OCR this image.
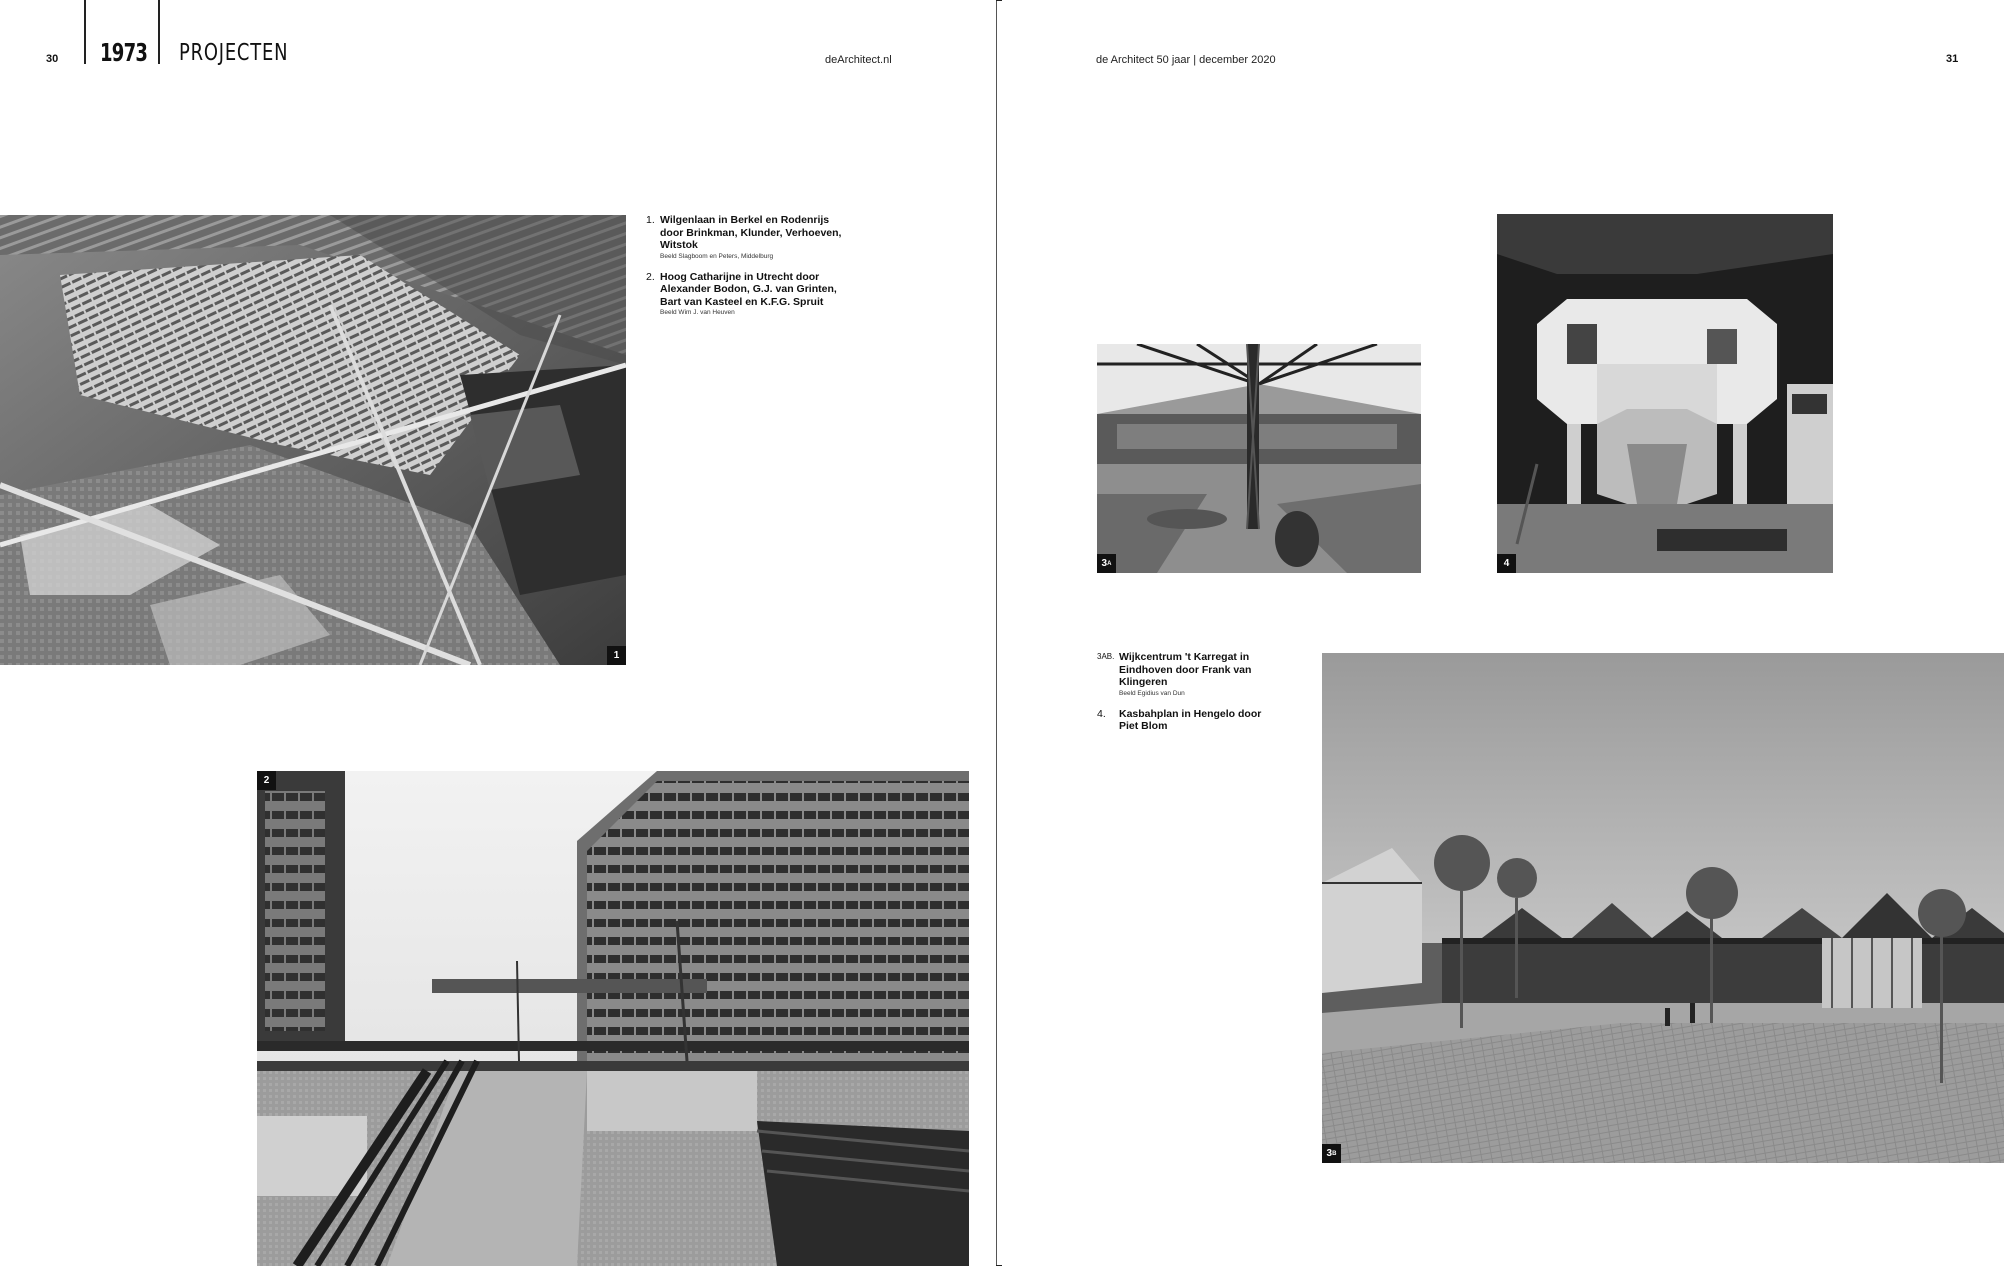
30 1973 PROJECTEN	deArchitect.nl
1
1. Wilgenlaan in Berkel en Rodenrijs door Brinkman, Klunder, Verhoeven, Witstok
Beeld Slagboom en Peters, Middelburg
2. Hoog Catharijne in Utrecht door Alexander Bodon, G.J. van Grinten, Bart van Kasteel en K.F.G. Spruit
Beeld Wim J. van Heuven
2
de Architect 50 jaar | december 2020	31
3 A	4
3AB. Wijkcentrum 't Karregat in Eindhoven door Frank van Klingeren
Beeld Egidius van Dun
4. Kasbahplan in Hengelo door Piet Blom
3 B
